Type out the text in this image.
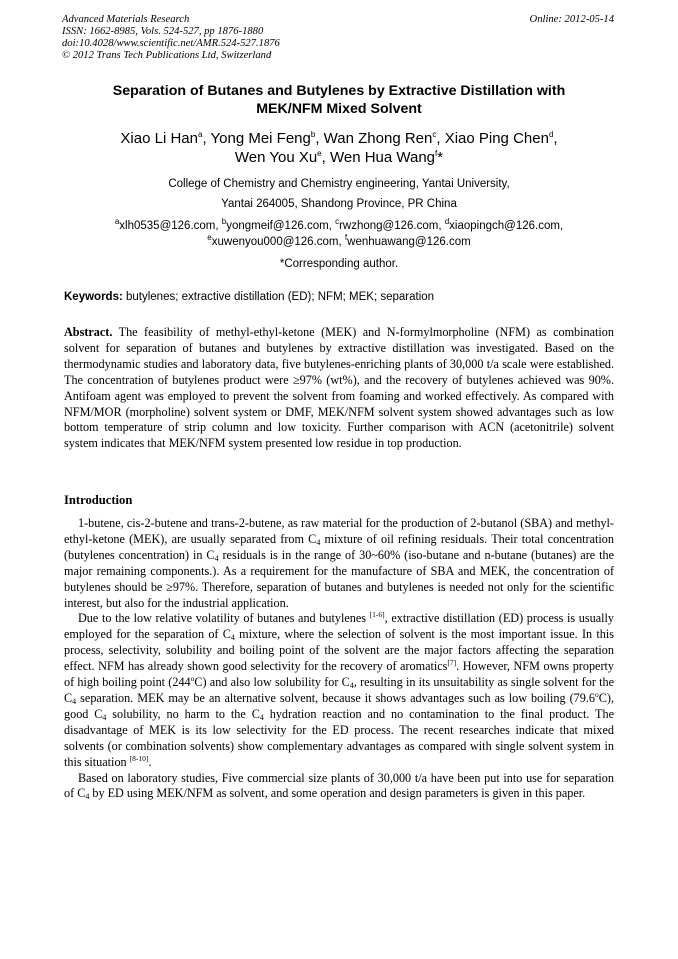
Advanced Materials Research
ISSN: 1662-8985, Vols. 524-527, pp 1876-1880
doi:10.4028/www.scientific.net/AMR.524-527.1876
© 2012 Trans Tech Publications Ltd, Switzerland
Online: 2012-05-14
Separation of Butanes and Butylenes by Extractive Distillation with
MEK/NFM Mixed Solvent
Xiao Li Han$^a$, Yong Mei Feng$^b$, Wan Zhong Ren$^c$, Xiao Ping Chen$^d$,
Wen You Xu$^e$, Wen Hua Wang$^f$*
College of Chemistry and Chemistry engineering, Yantai University,
Yantai 264005, Shandong Province, PR China
$^a$xlh0535@126.com, $^b$yongmeif@126.com, $^c$rwzhong@126.com, $^d$xiaopingch@126.com,
$^e$xuwenyou000@126.com, $^f$wenhuawang@126.com
*Corresponding author.
Keywords: butylenes; extractive distillation (ED); NFM; MEK; separation
Abstract. The feasibility of methyl-ethyl-ketone (MEK) and N-formylmorpholine (NFM) as combination solvent for separation of butanes and butylenes by extractive distillation was investigated. Based on the thermodynamic studies and laboratory data, five butylenes-enriching plants of 30,000 t/a scale were established. The concentration of butylenes product were ≥97% (wt%), and the recovery of butylenes achieved was 90%. Antifoam agent was employed to prevent the solvent from foaming and worked effectively. As compared with NFM/MOR (morpholine) solvent system or DMF, MEK/NFM solvent system showed advantages such as low bottom temperature of strip column and low toxicity. Further comparison with ACN (acetonitrile) solvent system indicates that MEK/NFM system presented low residue in top production.
Introduction

1-butene, cis-2-butene and trans-2-butene, as raw material for the production of 2-butanol (SBA) and methyl-ethyl-ketone (MEK), are usually separated from $C_4$ mixture of oil refining residuals. Their total concentration (butylenes concentration) in $C_4$ residuals is in the range of 30~60% (iso-butane and n-butane (butanes) are the major remaining components.). As a requirement for the manufacture of SBA and MEK, the concentration of butylenes should be ≥97%. Therefore, separation of butanes and butylenes is needed not only for the scientific interest, but also for the industrial application.

Due to the low relative volatility of butanes and butylenes [1-6], extractive distillation (ED) process is usually employed for the separation of $C_4$ mixture, where the selection of solvent is the most important issue. In this process, selectivity, solubility and boiling point of the solvent are the major factors affecting the separation effect. NFM has already shown good selectivity for the recovery of aromatics[7]. However, NFM owns property of high boiling point (244$^o$C) and also low solubility for $C_4$, resulting in its unsuitability as single solvent for the $C_4$ separation. MEK may be an alternative solvent, because it shows advantages such as low boiling (79.6$^o$C), good $C_4$ solubility, no harm to the $C_4$ hydration reaction and no contamination to the final product. The disadvantage of MEK is its low selectivity for the ED process. The recent researches indicate that mixed solvents (or combination solvents) show complementary advantages as compared with single solvent system in this situation [8-10].

Based on laboratory studies, Five commercial size plants of 30,000 t/a have been put into use for separation of $C_4$ by ED using MEK/NFM as solvent, and some operation and design parameters is given in this paper.
